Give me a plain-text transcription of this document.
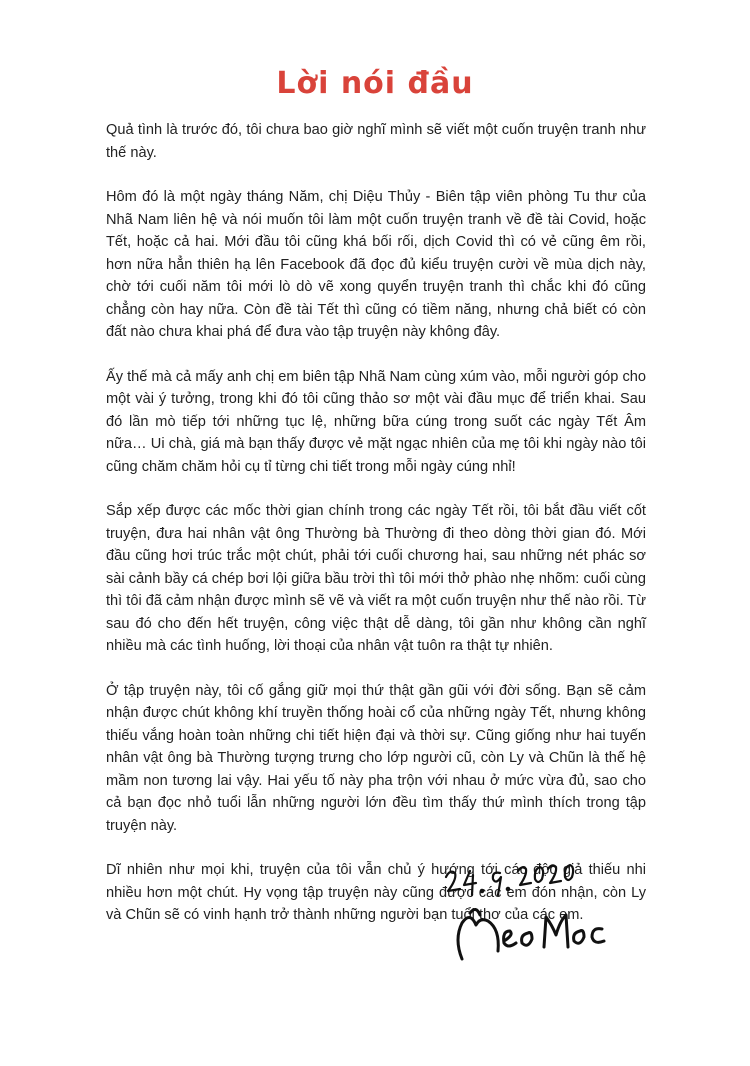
Lời nói đầu

Quả tình là trước đó, tôi chưa bao giờ nghĩ mình sẽ viết một cuốn truyện tranh như thế này.

Hôm đó là một ngày tháng Năm, chị Diệu Thủy - Biên tập viên phòng Tu thư của Nhã Nam liên hệ và nói muốn tôi làm một cuốn truyện tranh về đề tài Covid, hoặc Tết, hoặc cả hai. Mới đầu tôi cũng khá bối rối, dịch Covid thì có vẻ cũng êm rồi, hơn nữa hẳn thiên hạ lên Facebook đã đọc đủ kiểu truyện cười về mùa dịch này, chờ tới cuối năm tôi mới lò dò vẽ xong quyển truyện tranh thì chắc khi đó cũng chẳng còn hay nữa. Còn đề tài Tết thì cũng có tiềm năng, nhưng chả biết có còn đất nào chưa khai phá để đưa vào tập truyện này không đây.

Ấy thế mà cả mấy anh chị em biên tập Nhã Nam cùng xúm vào, mỗi người góp cho một vài ý tưởng, trong khi đó tôi cũng thảo sơ một vài đầu mục để triển khai. Sau đó lần mò tiếp tới những tục lệ, những bữa cúng trong suốt các ngày Tết Âm nữa… Ui chà, giá mà bạn thấy được vẻ mặt ngạc nhiên của mẹ tôi khi ngày nào tôi cũng chăm chăm hỏi cụ tỉ từng chi tiết trong mỗi ngày cúng nhỉ!

Sắp xếp được các mốc thời gian chính trong các ngày Tết rồi, tôi bắt đầu viết cốt truyện, đưa hai nhân vật ông Thường bà Thường đi theo dòng thời gian đó. Mới đầu cũng hơi trúc trắc một chút, phải tới cuối chương hai, sau những nét phác sơ sài cảnh bầy cá chép bơi lội giữa bầu trời thì tôi mới thở phào nhẹ nhõm: cuối cùng thì tôi đã cảm nhận được mình sẽ vẽ và viết ra một cuốn truyện như thế nào rồi. Từ sau đó cho đến hết truyện, công việc thật dễ dàng, tôi gần như không cần nghĩ nhiều mà các tình huống, lời thoại của nhân vật tuôn ra thật tự nhiên.

Ở tập truyện này, tôi cố gắng giữ mọi thứ thật gần gũi với đời sống. Bạn sẽ cảm nhận được chút không khí truyền thống hoài cổ của những ngày Tết, nhưng không thiếu vắng hoàn toàn những chi tiết hiện đại và thời sự. Cũng giống như hai tuyến nhân vật ông bà Thường tượng trưng cho lớp người cũ, còn Ly và Chũn là thế hệ mầm non tương lai vậy. Hai yếu tố này pha trộn với nhau ở mức vừa đủ, sao cho cả bạn đọc nhỏ tuổi lẫn những người lớn đều tìm thấy thứ mình thích trong tập truyện này.

Dĩ nhiên như mọi khi, truyện của tôi vẫn chủ ý hướng tới các độc giả thiếu nhi nhiều hơn một chút. Hy vọng tập truyện này cũng được các em đón nhận, còn Ly và Chũn sẽ có vinh hạnh trở thành những người bạn tuổi thơ của các em.
